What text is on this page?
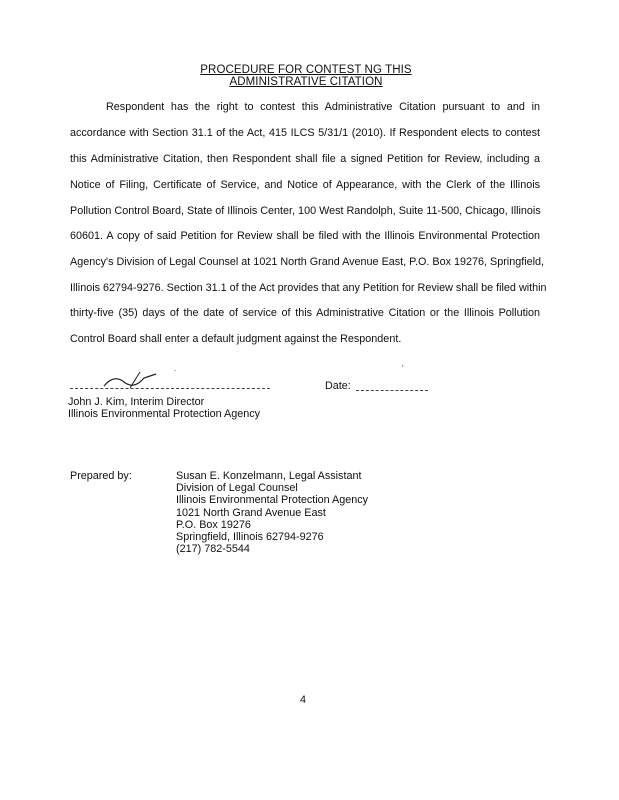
PROCEDURE FOR CONTEST NG THIS
ADMINISTRATIVE CITATION
Respondent has the right to contest this Administrative Citation pursuant to and in
accordance with Section 31.1 of the Act, 415 ILCS 5/31/1 (2010). If Respondent elects to contest
this Administrative Citation, then Respondent shall file a signed Petition for Review, including a
Notice of Filing, Certificate of Service, and Notice of Appearance, with the Clerk of the Illinois
Pollution Control Board, State of Illinois Center, 100 West Randolph, Suite 11-500, Chicago, Illinois
60601. A copy of said Petition for Review shall be filed with the Illinois Environmental Protection
Agency's Division of Legal Counsel at 1021 North Grand Avenue East, P.O. Box 19276, Springfield,
Illinois 62794-9276. Section 31.1 of the Act provides that any Petition for Review shall be filed within
thirty-five (35) days of the date of service of this Administrative Citation or the Illinois Pollution
Control Board shall enter a default judgment against the Respondent.
.	'
Date:
John J. Kim, Interim Director
Illinois Environmental Protection Agency
Prepared by:	Susan E. Konzelmann, Legal Assistant
Division of Legal Counsel
Illinois Environmental Protection Agency
1021 North Grand Avenue East
P.O. Box 19276
Springfield, Illinois 62794-9276
(217) 782-5544
4
